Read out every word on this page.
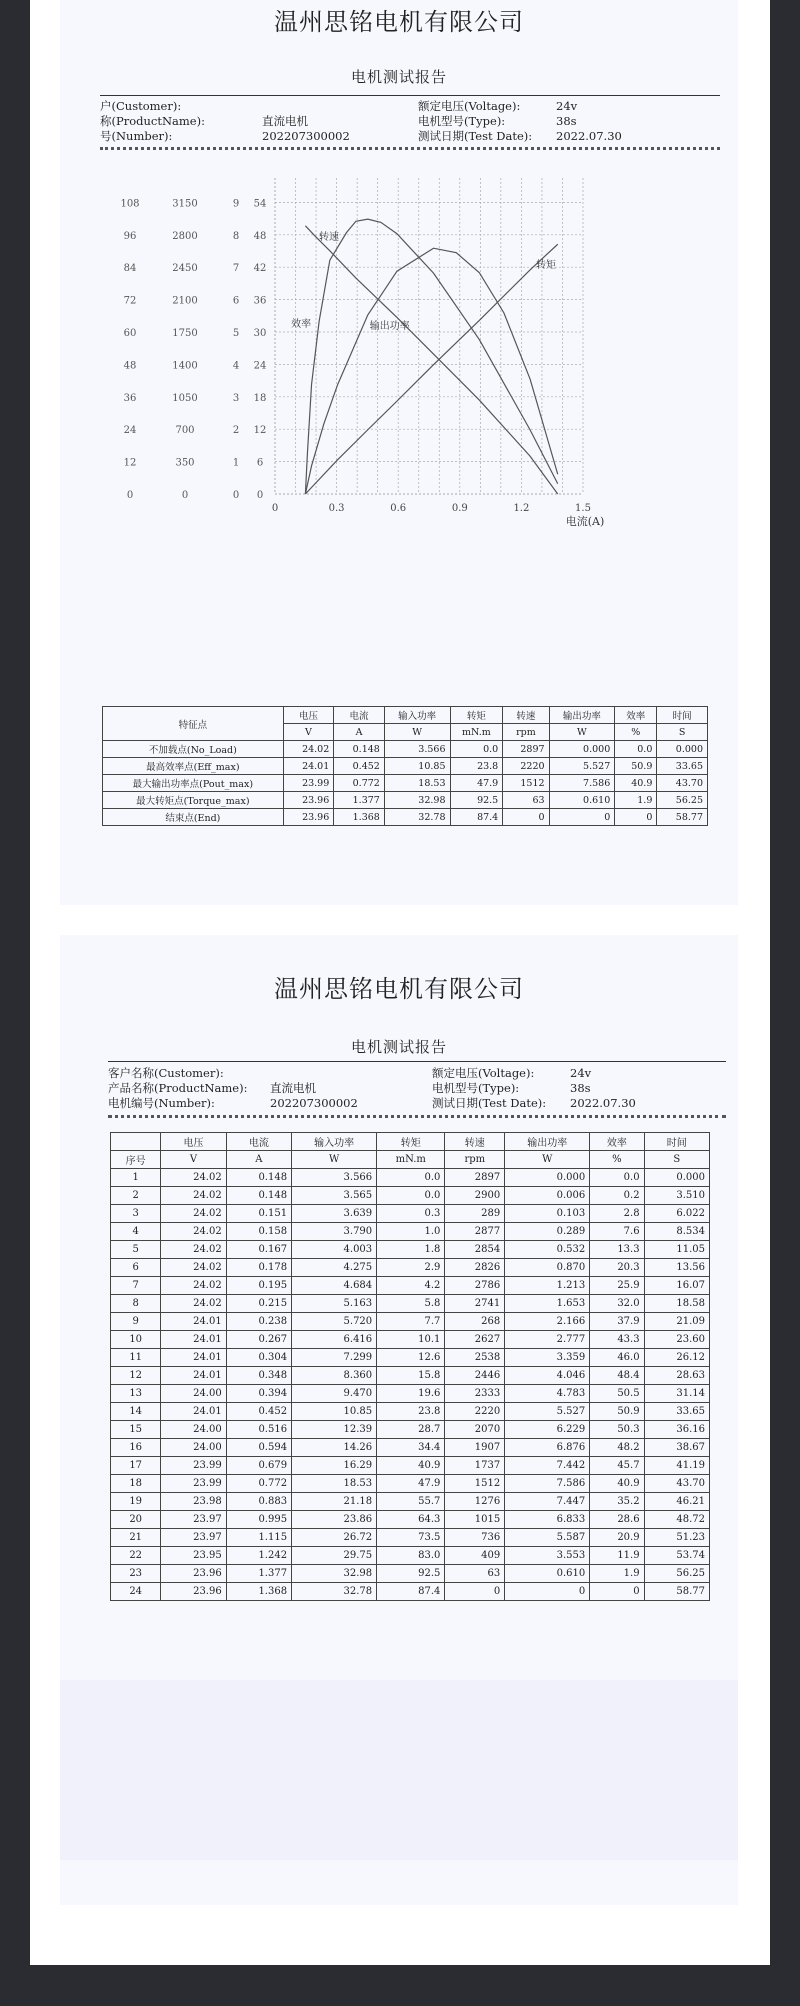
温州思铭电机有限公司
电机测试报告
户(Customer):
称(ProductName):	直流电机
号(Number):	202207300002
额定电压(Voltage):	24v
电机型号(Type):	38s
测试日期(Test Date): 2022.07.30
0
12
24
36
48
60
72
84
96
108
0
350
700
1050
1400
1750
2100
2450
2800
3150
0
1
2
3
4
5
6
7
8
9
0
6
12
18
24
30
36
42
48
54
0	0.3	0.6	0.9	1.2	1.5
转速
转矩
输出功率
效率
电流(A)
特征点	电压	电流	输入功率	转矩	转速	输出功率	效率	时间
	V	A	W	mN.m	rpm	W	%	S
不加载点(No_Load)	24.02	0.148	3.566	0.0	2897	0.000	0.0	0.000
最高效率点(Eff_max)	24.01	0.452	10.85	23.8	2220	5.527	50.9	33.65
最大输出功率点(Pout_max)	23.99	0.772	18.53	47.9	1512	7.586	40.9	43.70
最大转矩点(Torque_max)	23.96	1.377	32.98	92.5	63	0.610	1.9	56.25
结束点(End)	23.96	1.368	32.78	87.4	0	0	0	58.77
温州思铭电机有限公司
电机测试报告
客户名称(Customer):
产品名称(ProductName): 直流电机
电机编号(Number):	202207300002
额定电压(Voltage):	24v
电机型号(Type):	38s
测试日期(Test Date): 2022.07.30
	电压	电流	输入功率	转矩	转速	输出功率	效率	时间
序号	V	A	W	mN.m	rpm	W	%	S
1	24.02	0.148	3.566	0.0	2897	0.000	0.0	0.000
2	24.02	0.148	3.565	0.0	2900	0.006	0.2	3.510
3	24.02	0.151	3.639	0.3	289	0.103	2.8	6.022
4	24.02	0.158	3.790	1.0	2877	0.289	7.6	8.534
5	24.02	0.167	4.003	1.8	2854	0.532	13.3	11.05
6	24.02	0.178	4.275	2.9	2826	0.870	20.3	13.56
7	24.02	0.195	4.684	4.2	2786	1.213	25.9	16.07
8	24.02	0.215	5.163	5.8	2741	1.653	32.0	18.58
9	24.01	0.238	5.720	7.7	268	2.166	37.9	21.09
10	24.01	0.267	6.416	10.1	2627	2.777	43.3	23.60
11	24.01	0.304	7.299	12.6	2538	3.359	46.0	26.12
12	24.01	0.348	8.360	15.8	2446	4.046	48.4	28.63
13	24.00	0.394	9.470	19.6	2333	4.783	50.5	31.14
14	24.01	0.452	10.85	23.8	2220	5.527	50.9	33.65
15	24.00	0.516	12.39	28.7	2070	6.229	50.3	36.16
16	24.00	0.594	14.26	34.4	1907	6.876	48.2	38.67
17	23.99	0.679	16.29	40.9	1737	7.442	45.7	41.19
18	23.99	0.772	18.53	47.9	1512	7.586	40.9	43.70
19	23.98	0.883	21.18	55.7	1276	7.447	35.2	46.21
20	23.97	0.995	23.86	64.3	1015	6.833	28.6	48.72
21	23.97	1.115	26.72	73.5	736	5.587	20.9	51.23
22	23.95	1.242	29.75	83.0	409	3.553	11.9	53.74
23	23.96	1.377	32.98	92.5	63	0.610	1.9	56.25
24	23.96	1.368	32.78	87.4	0	0	0	58.77
